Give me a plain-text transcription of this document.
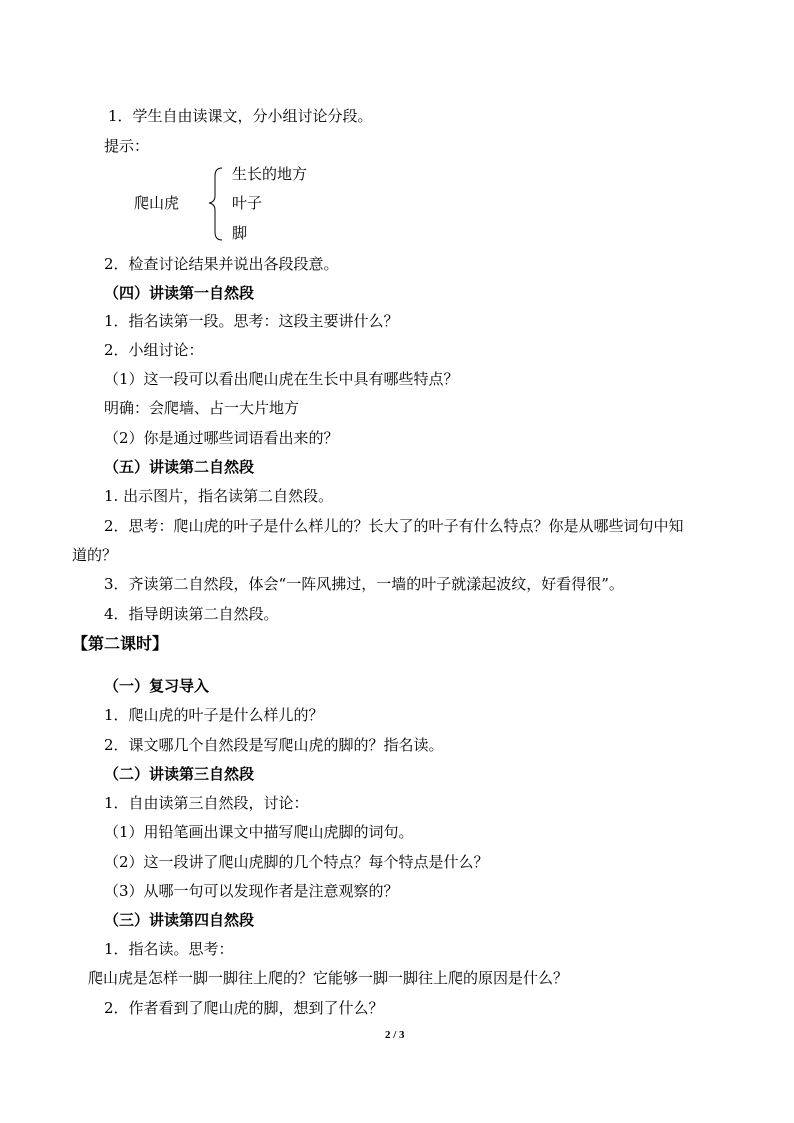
1．学生自由读课文，分小组讨论分段。
提示：
爬山虎
生长的地方
叶子
脚
2．检查讨论结果并说出各段段意。
（四）讲读第一自然段
1．指名读第一段。思考：这段主要讲什么？
2．小组讨论：
（1）这一段可以看出爬山虎在生长中具有哪些特点？
明确：会爬墙、占一大片地方
（2）你是通过哪些词语看出来的？
（五）讲读第二自然段
1. 出示图片，指名读第二自然段。
2．思考：爬山虎的叶子是什么样儿的？长大了的叶子有什么特点？你是从哪些词句中知
道的？
3．齐读第二自然段，体会“一阵风拂过，一墙的叶子就漾起波纹，好看得很”。
4．指导朗读第二自然段。
【第二课时】
（一）复习导入
1．爬山虎的叶子是什么样儿的？
2．课文哪几个自然段是写爬山虎的脚的？指名读。
（二）讲读第三自然段
1．自由读第三自然段，讨论：
（1）用铅笔画出课文中描写爬山虎脚的词句。
（2）这一段讲了爬山虎脚的几个特点？每个特点是什么？
（3）从哪一句可以发现作者是注意观察的？
（三）讲读第四自然段
1．指名读。思考：
爬山虎是怎样一脚一脚往上爬的？它能够一脚一脚往上爬的原因是什么？
2．作者看到了爬山虎的脚，想到了什么？
2 / 3
